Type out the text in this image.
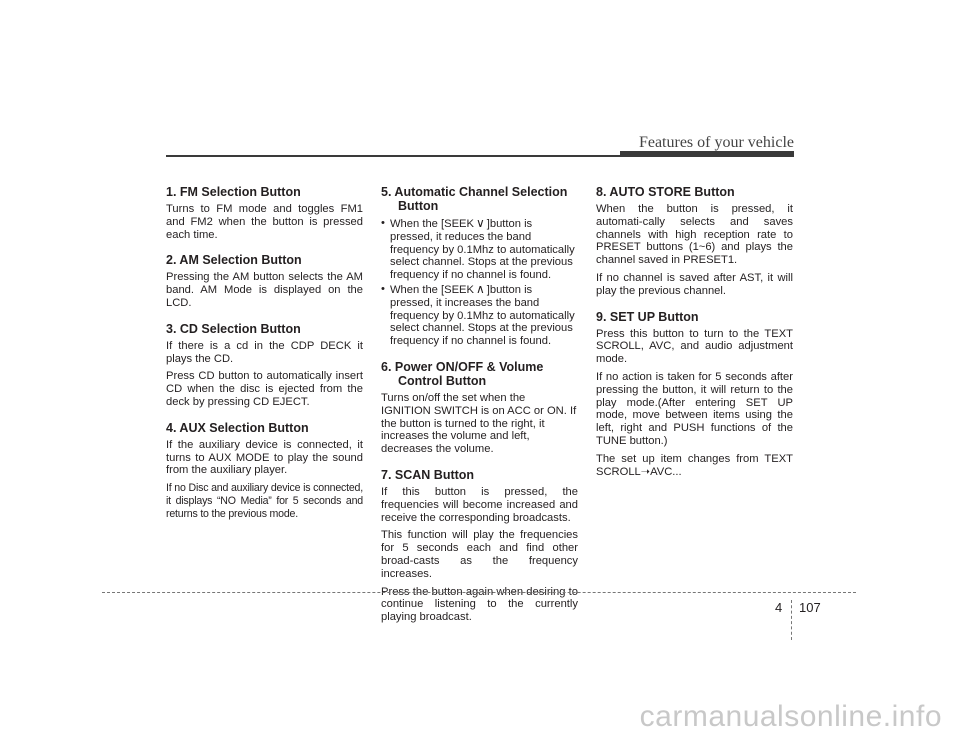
Features of your vehicle
1. FM Selection Button

Turns to FM mode and toggles FM1 and FM2 when the button is pressed each time.

2. AM Selection Button

Pressing the AM button selects the AM band. AM Mode is displayed on the LCD.

3. CD Selection Button

If there is a cd in the CDP DECK it plays the CD.

Press CD button to automatically insert CD when the disc is ejected from the deck by pressing CD EJECT.

4. AUX Selection Button

If the auxiliary device is connected, it turns to AUX MODE to play the sound from the auxiliary player.

If no Disc and auxiliary device is connected, it displays “NO Media” for 5 seconds and returns to the previous mode.

5. Automatic Channel Selection
Button
• When the [SEEK ∨ ]button is pressed, it reduces the band frequency by 0.1Mhz to automatically select channel. Stops at the previous frequency if no channel is found.
• When the [SEEK ∧ ]button is pressed, it increases the band frequency by 0.1Mhz to automatically select channel. Stops at the previous frequency if no channel is found.
6. Power ON/OFF & Volume
Control Button

Turns on/off the set when the IGNITION SWITCH is on ACC or ON. If the button is turned to the right, it increases the volume and left, decreases the volume.

7. SCAN Button

If this button is pressed, the frequencies will become increased and receive the corresponding broadcasts.

This function will play the frequencies for 5 seconds each and find other broad-casts as the frequency increases.

Press the button again when desiring to continue listening to the currently playing broadcast.

8. AUTO STORE Button

When the button is pressed, it automati-cally selects and saves channels with high reception rate to PRESET buttons (1~6) and plays the channel saved in PRESET1.

If no channel is saved after AST, it will play the previous channel.

9. SET UP Button

Press this button to turn to the TEXT SCROLL, AVC, and audio adjustment mode.

If no action is taken for 5 seconds after pressing the button, it will return to the play mode.(After entering SET UP mode, move between items using the left, right and PUSH functions of the TUNE button.)

The set up item changes from TEXT SCROLL➝AVC...

4 107
carmanualsonline.info
